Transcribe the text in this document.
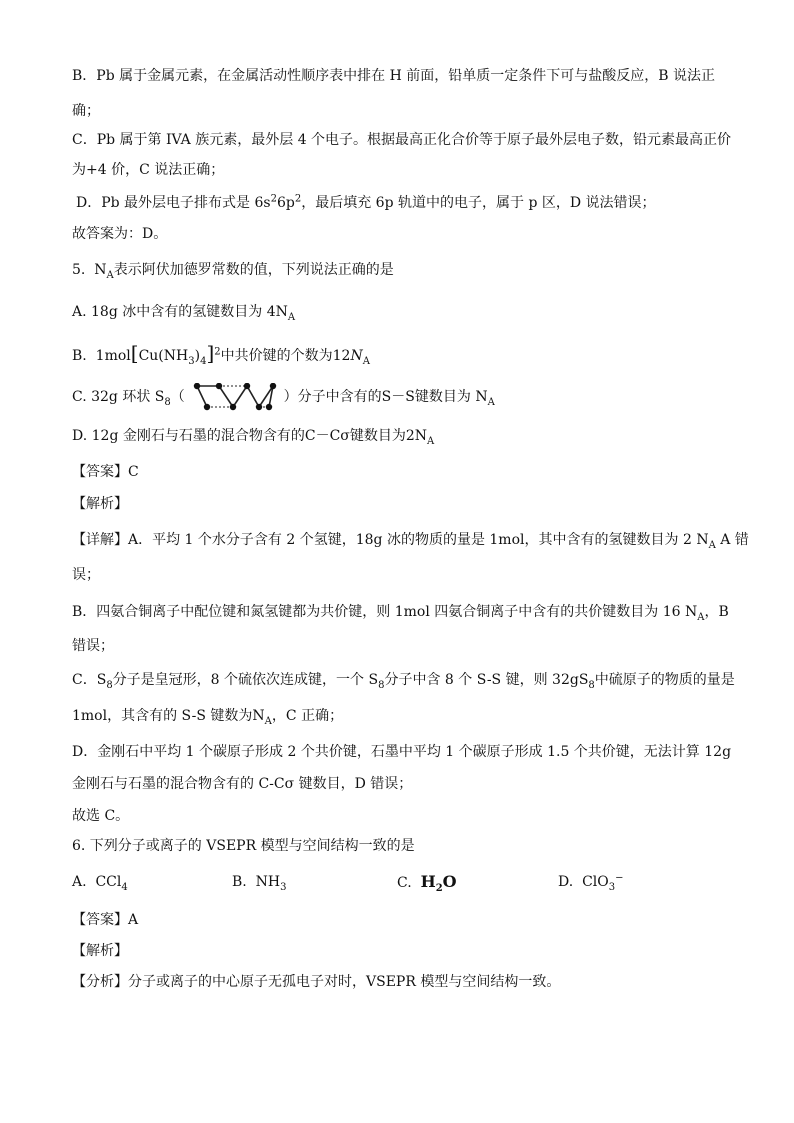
B．Pb 属于金属元素，在金属活动性顺序表中排在 H 前面，铅单质一定条件下可与盐酸反应，B 说法正
确；
C．Pb 属于第 IVA 族元素，最外层 4 个电子。根据最高正化合价等于原子最外层电子数，铅元素最高正价
为+4 价，C 说法正确；
D．Pb 最外层电子排布式是 $6s^26p^2$，最后填充 6p 轨道中的电子，属于 p 区，D 说法错误；
故答案为：D。
5. $N_A$表示阿伏加德罗常数的值，下列说法正确的是
A. 18g 冰中含有的氢键数目为 $4N_A$
B. $1mol[Cu(NH_3)_4]^2$中共价键的个数为$12N_A$
C. 32g 环状 $S_8$（	）分子中含有的S－S键数目为 $N_A$
D. 12g 金刚石与石墨的混合物含有的C－Cσ键数目为$2N_A$
【答案】C
【解析】
【详解】A．平均 1 个水分子含有 2 个氢键，18g 冰的物质的量是 1mol，其中含有的氢键数目为 2 $N_A$ A 错
误；
B．四氨合铜离子中配位键和氮氢键都为共价键，则 1mol 四氨合铜离子中含有的共价键数目为 16 $N_A$，B
错误；
C．$S_8$分子是皇冠形，8 个硫依次连成键，一个 $S_8$分子中含 8 个 S-S 键，则 $32gS_8$中硫原子的物质的量是
1mol，其含有的 S-S 键数为$N_A$，C 正确；
D．金刚石中平均 1 个碳原子形成 2 个共价键，石墨中平均 1 个碳原子形成 1.5 个共价键，无法计算 12g
金刚石与石墨的混合物含有的 C-Cσ 键数目，D 错误；
故选 C。
6. 下列分子或离子的 VSEPR 模型与空间结构一致的是
A. CCl$_4$	B. $NH_3$	C. $H_2O$	D. ClO$_3$−
【答案】A
【解析】
【分析】分子或离子的中心原子无孤电子对时，VSEPR 模型与空间结构一致。
